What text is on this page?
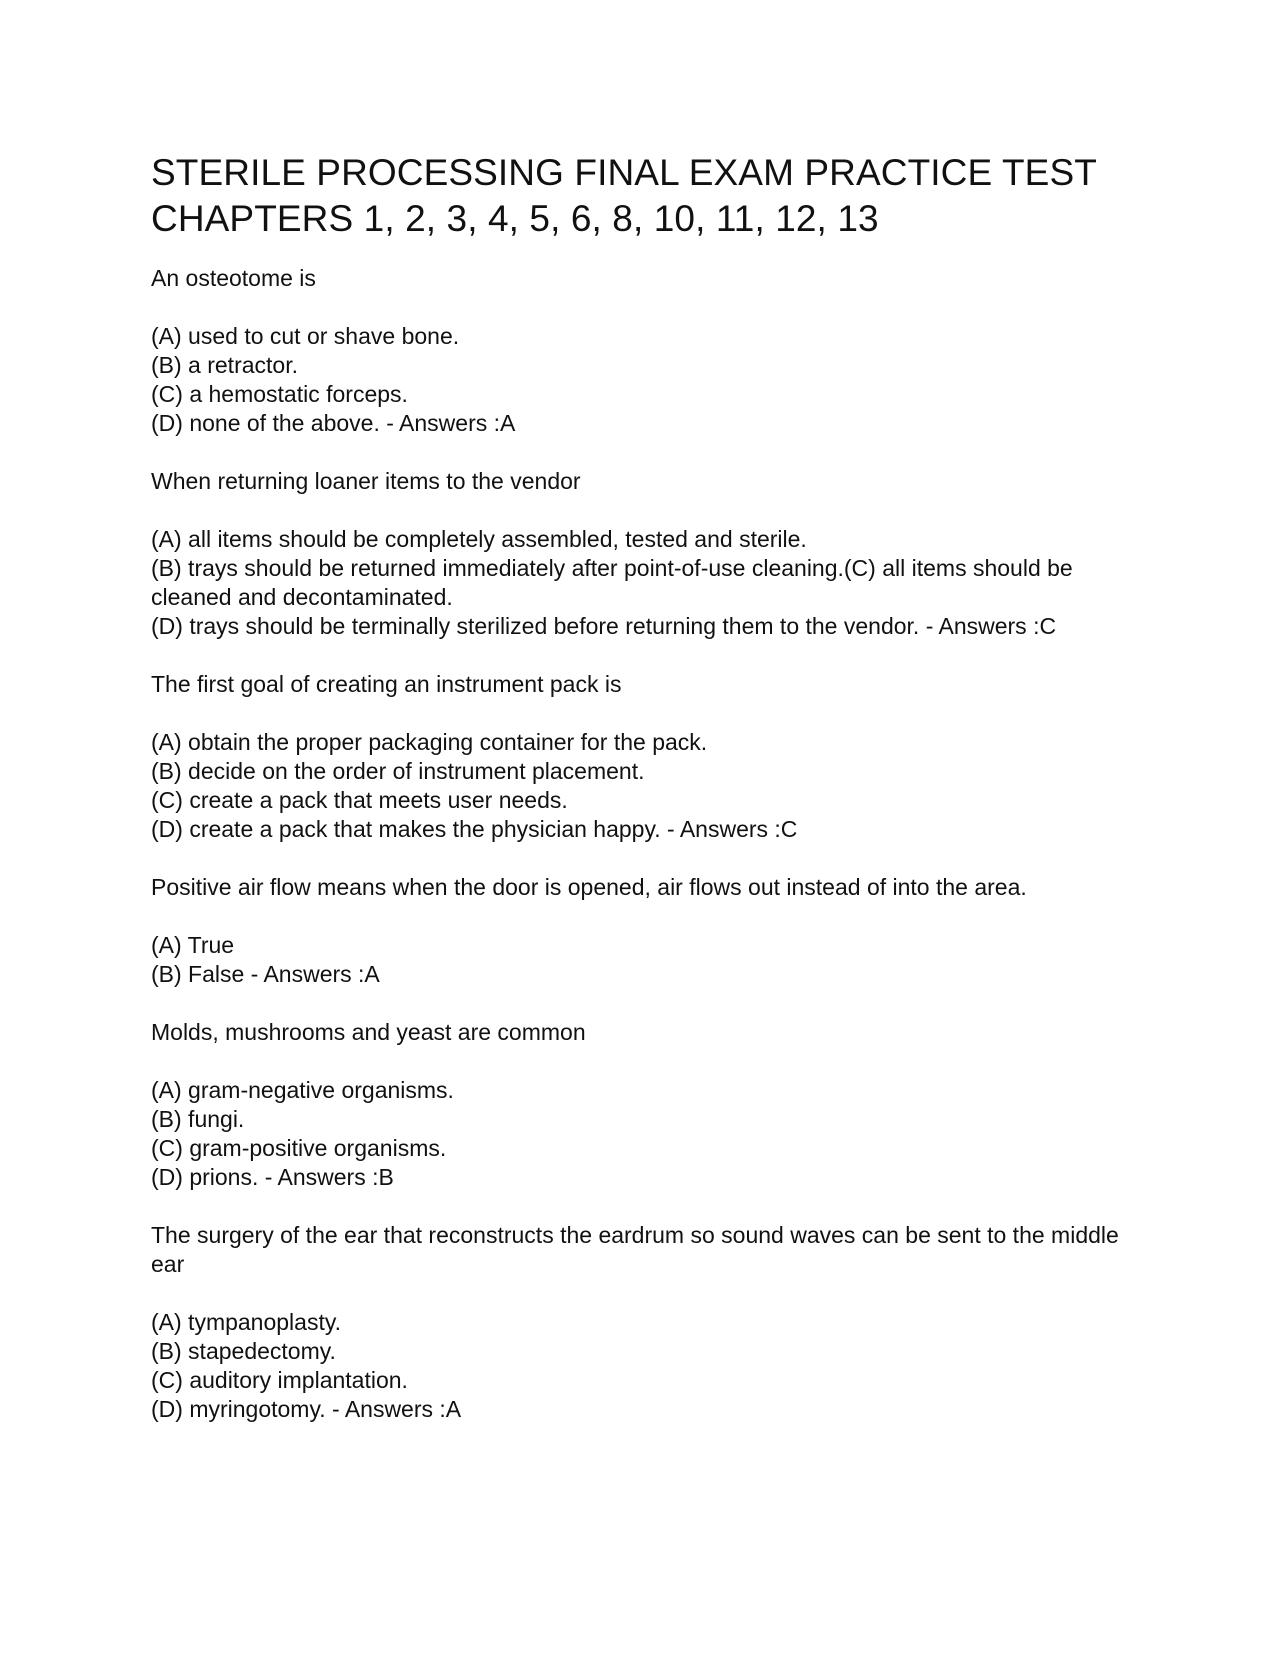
STERILE PROCESSING FINAL EXAM PRACTICE TEST
CHAPTERS 1, 2, 3, 4, 5, 6, 8, 10, 11, 12, 13

An osteotome is

(A) used to cut or shave bone.
(B) a retractor.
(C) a hemostatic forceps.
(D) none of the above. - Answers :A

When returning loaner items to the vendor

(A) all items should be completely assembled, tested and sterile.
(B) trays should be returned immediately after point-of-use cleaning.(C) all items should be cleaned and decontaminated.
(D) trays should be terminally sterilized before returning them to the vendor. - Answers :C

The first goal of creating an instrument pack is

(A) obtain the proper packaging container for the pack.
(B) decide on the order of instrument placement.
(C) create a pack that meets user needs.
(D) create a pack that makes the physician happy. - Answers :C

Positive air flow means when the door is opened, air flows out instead of into the area.

(A) True
(B) False - Answers :A

Molds, mushrooms and yeast are common

(A) gram-negative organisms.
(B) fungi.
(C) gram-positive organisms.
(D) prions. - Answers :B

The surgery of the ear that reconstructs the eardrum so sound waves can be sent to the middle ear

(A) tympanoplasty.
(B) stapedectomy.
(C) auditory implantation.
(D) myringotomy. - Answers :A
